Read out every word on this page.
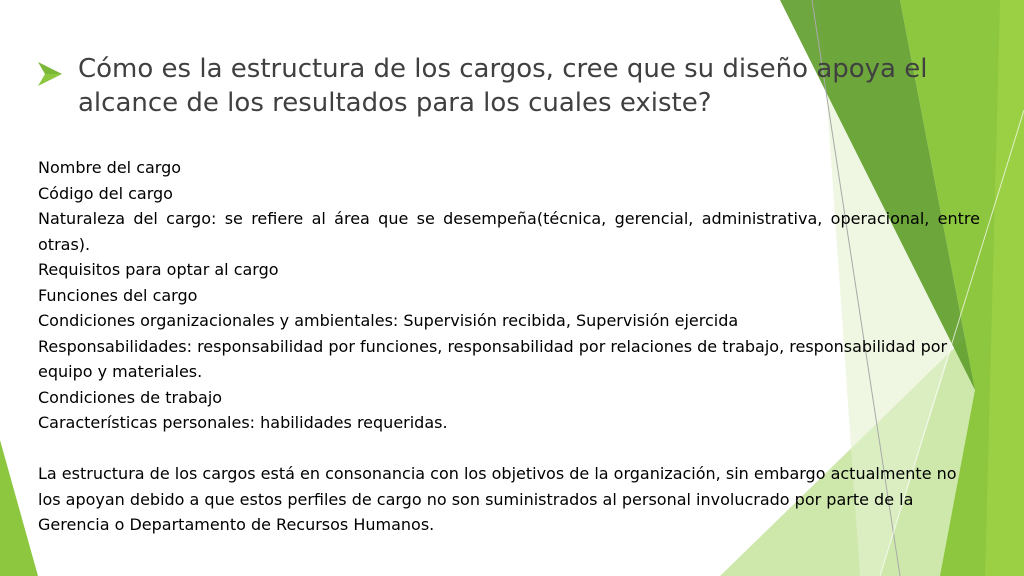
Cómo es la estructura de los cargos, cree que su diseño apoya el alcance de los resultados para los cuales existe?

Nombre del cargo

Código del cargo

Naturaleza del cargo: se refiere al área que se desempeña(técnica, gerencial, administrativa, operacional, entre otras).

Requisitos para optar al cargo

Funciones del cargo

Condiciones organizacionales y ambientales: Supervisión recibida, Supervisión ejercida

Responsabilidades: responsabilidad por funciones, responsabilidad por relaciones de trabajo, responsabilidad por equipo y materiales.

Condiciones de trabajo

Características personales: habilidades requeridas.

La estructura de los cargos está en consonancia con los objetivos de la organización, sin embargo actualmente no los apoyan debido a que estos perfiles de cargo no son suministrados al personal involucrado por parte de la Gerencia o Departamento de Recursos Humanos.
